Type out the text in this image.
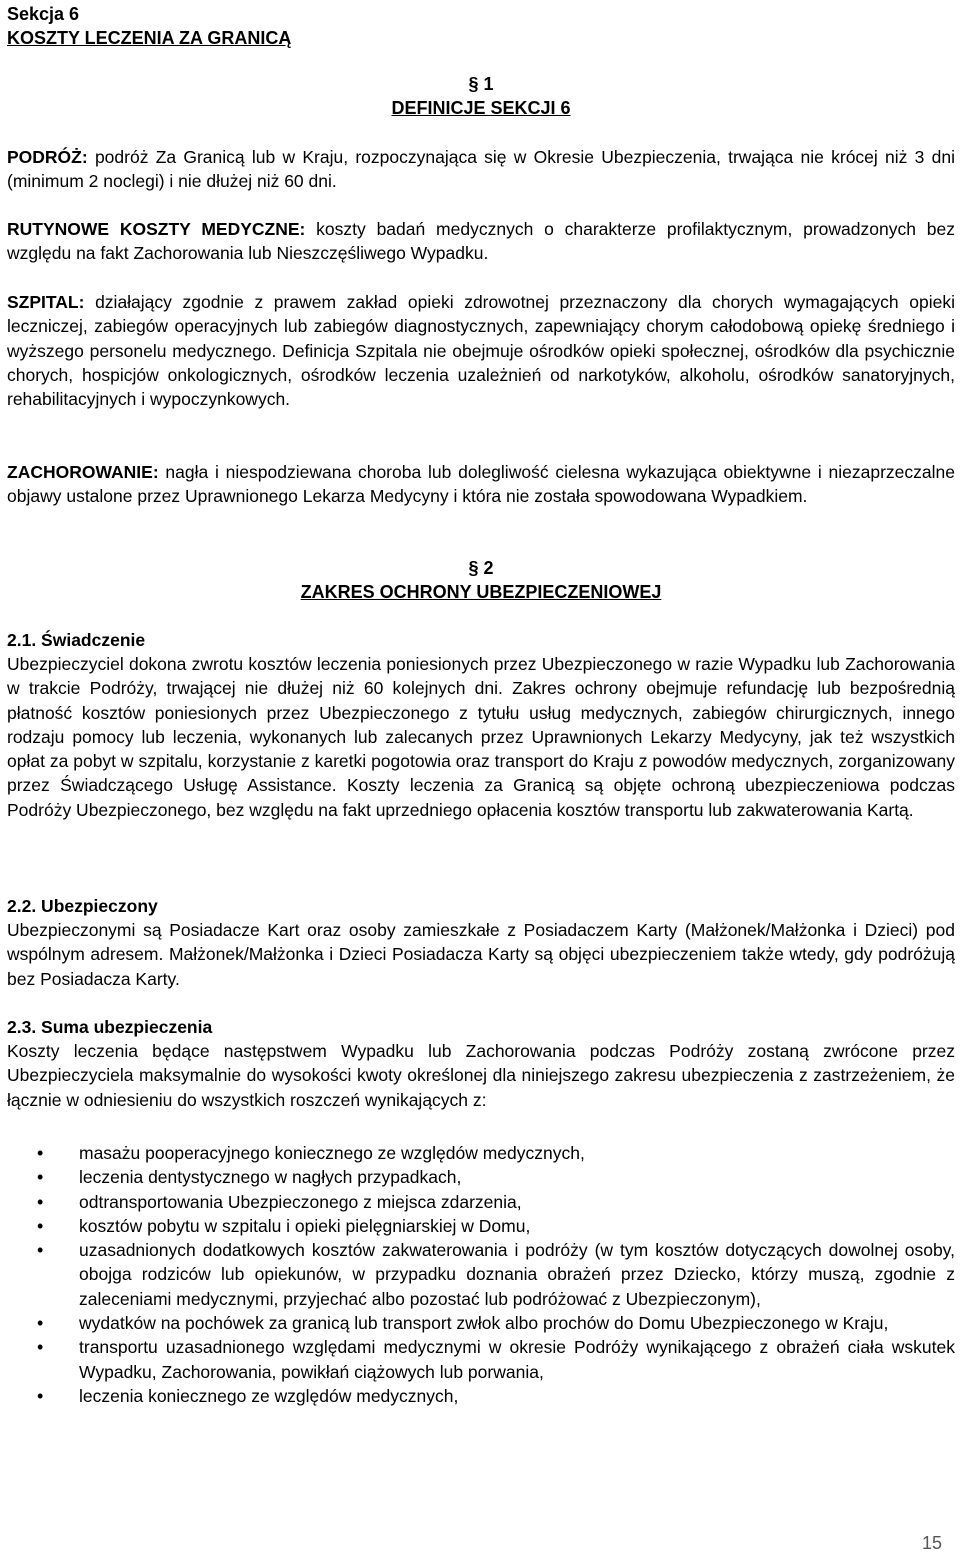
Sekcja 6
KOSZTY LECZENIA ZA GRANICĄ
§ 1
DEFINICJE SEKCJI 6

PODRÓŻ: podróż Za Granicą lub w Kraju, rozpoczynająca się w Okresie Ubezpieczenia, trwająca nie krócej niż 3 dni (minimum 2 noclegi) i nie dłużej niż 60 dni.

RUTYNOWE KOSZTY MEDYCZNE: koszty badań medycznych o charakterze profilaktycznym, prowadzonych bez względu na fakt Zachorowania lub Nieszczęśliwego Wypadku.

SZPITAL: działający zgodnie z prawem zakład opieki zdrowotnej przeznaczony dla chorych wymagających opieki leczniczej, zabiegów operacyjnych lub zabiegów diagnostycznych, zapewniający chorym całodobową opiekę średniego i wyższego personelu medycznego. Definicja Szpitala nie obejmuje ośrodków opieki społecznej, ośrodków dla psychicznie chorych, hospicjów onkologicznych, ośrodków leczenia uzależnień od narkotyków, alkoholu, ośrodków sanatoryjnych, rehabilitacyjnych i wypoczynkowych.

ZACHOROWANIE: nagła i niespodziewana choroba lub dolegliwość cielesna wykazująca obiektywne i niezaprzeczalne objawy ustalone przez Uprawnionego Lekarza Medycyny i która nie została spowodowana Wypadkiem.

§ 2
ZAKRES OCHRONY UBEZPIECZENIOWEJ
2.1. Świadczenie

Ubezpieczyciel dokona zwrotu kosztów leczenia poniesionych przez Ubezpieczonego w razie Wypadku lub Zachorowania w trakcie Podróży, trwającej nie dłużej niż 60 kolejnych dni. Zakres ochrony obejmuje refundację lub bezpośrednią płatność kosztów poniesionych przez Ubezpieczonego z tytułu usług medycznych, zabiegów chirurgicznych, innego rodzaju pomocy lub leczenia, wykonanych lub zalecanych przez Uprawnionych Lekarzy Medycyny, jak też wszystkich opłat za pobyt w szpitalu, korzystanie z karetki pogotowia oraz transport do Kraju z powodów medycznych, zorganizowany przez Świadczącego Usługę Assistance. Koszty leczenia za Granicą są objęte ochroną ubezpieczeniowa podczas Podróży Ubezpieczonego, bez względu na fakt uprzedniego opłacenia kosztów transportu lub zakwaterowania Kartą.

2.2. Ubezpieczony

Ubezpieczonymi są Posiadacze Kart oraz osoby zamieszkałe z Posiadaczem Karty (Małżonek/Małżonka i Dzieci) pod wspólnym adresem. Małżonek/Małżonka i Dzieci Posiadacza Karty są objęci ubezpieczeniem także wtedy, gdy podróżują bez Posiadacza Karty.

2.3. Suma ubezpieczenia

Koszty leczenia będące następstwem Wypadku lub Zachorowania podczas Podróży zostaną zwrócone przez Ubezpieczyciela maksymalnie do wysokości kwoty określonej dla niniejszego zakresu ubezpieczenia z zastrzeżeniem, że łącznie w odniesieniu do wszystkich roszczeń wynikających z:

• masażu pooperacyjnego koniecznego ze względów medycznych,
• leczenia dentystycznego w nagłych przypadkach,
• odtransportowania Ubezpieczonego z miejsca zdarzenia,
• kosztów pobytu w szpitalu i opieki pielęgniarskiej w Domu,
• uzasadnionych dodatkowych kosztów zakwaterowania i podróży (w tym kosztów dotyczących dowolnej osoby, obojga rodziców lub opiekunów, w przypadku doznania obrażeń przez Dziecko, którzy muszą, zgodnie z zaleceniami medycznymi, przyjechać albo pozostać lub podróżować z Ubezpieczonym),
• wydatków na pochówek za granicą lub transport zwłok albo prochów do Domu Ubezpieczonego w Kraju,
• transportu uzasadnionego względami medycznymi w okresie Podróży wynikającego z obrażeń ciała wskutek Wypadku, Zachorowania, powikłań ciążowych lub porwania,
• leczenia koniecznego ze względów medycznych,
15
